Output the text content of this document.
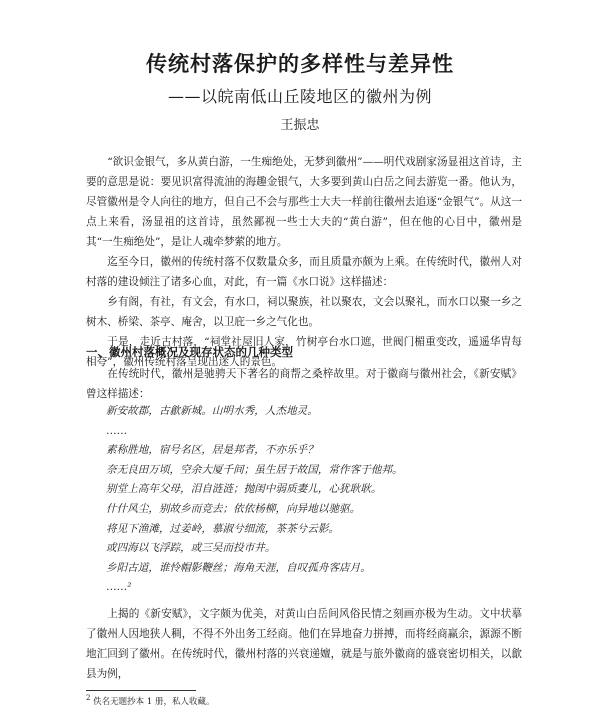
传统村落保护的多样性与差异性
——以皖南低山丘陵地区的徽州为例
王振忠

“欲识金银气，多从黄白游，一生痴绝处，无梦到徽州”——明代戏剧家汤显祖这首诗，主要的意思是说：要见识富得流油的海趣金银气，大多要到黄山白岳之间去游览一番。他认为，尽管徽州是令人向往的地方，但自己不会与那些士大夫一样前往徽州去追逐“金银气”。从这一点上来看，汤显祖的这首诗，虽然鄙视一些士大夫的“黄白游”，但在他的心目中，徽州是其“一生痴绝处”，是让人魂牵梦萦的地方。

迄至今日，徽州的传统村落不仅数量众多，而且质量亦颇为上乘。在传统时代，徽州人对村落的建设倾注了诸多心血，对此，有一篇《水口说》这样描述：

乡有阁，有社，有文会，有水口，祠以聚族，社以聚农，文会以聚礼，而水口以聚一乡之树木、桥梁、茶亭、庵舍，以卫庇一乡之气化也。

于是，走近古村落，“祠堂社屋旧人家，竹树亭台水口遮，世阀门楣重变改，遥遥华胄每相夸”，徽州传统村落呈现出迷人的景色。

一、徽州村落概况及现存状态的几种类型

在传统时代，徽州是驰骋天下著名的商帮之桑梓故里。对于徽商与徽州社会，《新安赋》曾这样描述：

新安故郡，古歙新城。山明水秀，人杰地灵。
……
素称胜地，宿号名区，居是邦者，不亦乐乎？
奈无良田万顷，空余大厦千间；虽生居于故国，常作客于他邦。
别堂上高年父母，泪自涟涟；抛闺中弱质妻儿，心犹耿耿。
什什风尘，别故乡而竞去；依依杨柳，向异地以驰驱。
将见下渔滩，过姜岭，慕淑兮细流，茶茶兮云影。
或四海以飞浮踪，或三吴而投市井。
乡阳古道，谁怜帽影鞭丝；海角天涯，自叹孤舟客店月。
……²

上揭的《新安赋》，文字颇为优美，对黄山白岳间风俗民情之刻画亦极为生动。文中状摹了徽州人因地狭人稠，不得不外出务工经商。他们在异地奋力拼搏，而将经商赢余，源源不断地汇回到了徽州。在传统时代，徽州村落的兴衰递嬗，就是与旅外徽商的盛衰密切相关，以歙县为例，

$^2$ 佚名无题抄本 1 册，私人收藏。
